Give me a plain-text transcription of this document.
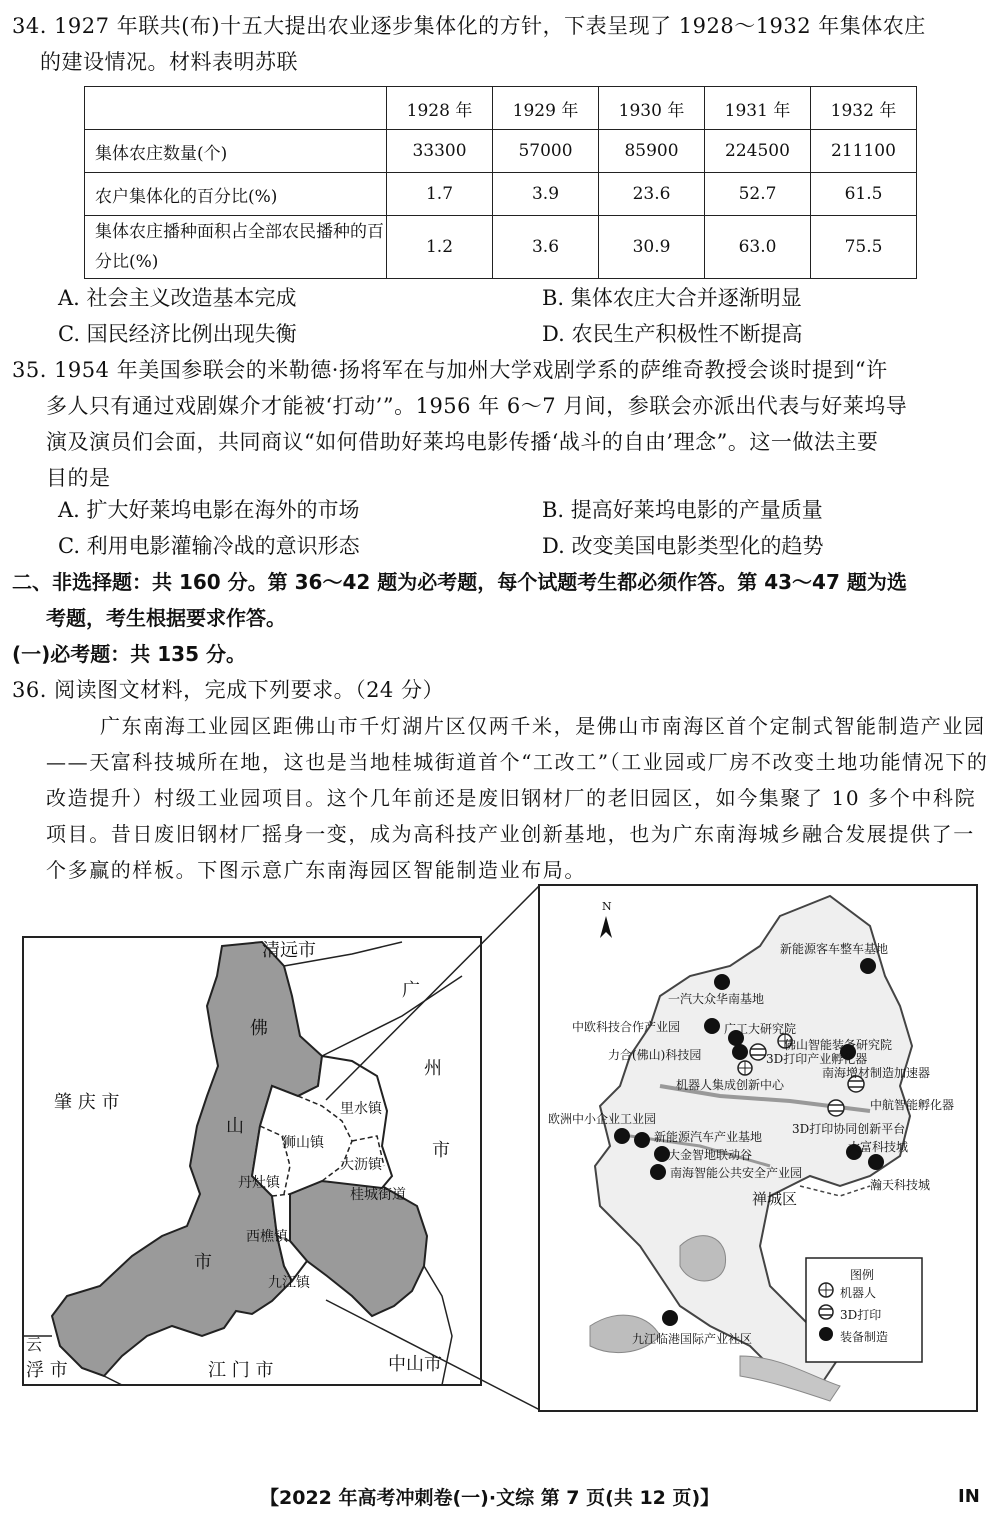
34. 1927 年联共(布)十五大提出农业逐步集体化的方针，下表呈现了 1928～1932 年集体农庄
的建设情况。材料表明苏联
	1928 年	1929 年	1930 年	1931 年	1932 年
集体农庄数量(个)	33300	57000	85900	224500	211100
农户集体化的百分比(%)	1.7	3.9	23.6	52.7	61.5
集体农庄播种面积占全部农民播种的百分比(%)	1.2	3.6	30.9	63.0	75.5
A. 社会主义改造基本完成	B. 集体农庄大合并逐渐明显
C. 国民经济比例出现失衡	D. 农民生产积极性不断提高
35. 1954 年美国参联会的米勒德·扬将军在与加州大学戏剧学系的萨维奇教授会谈时提到“许
多人只有通过戏剧媒介才能被‘打动’”。1956 年 6～7 月间，参联会亦派出代表与好莱坞导
演及演员们会面，共同商议“如何借助好莱坞电影传播‘战斗的自由’理念”。这一做法主要
目的是
A. 扩大好莱坞电影在海外的市场	B. 提高好莱坞电影的产量质量
C. 利用电影灌输冷战的意识形态	D. 改变美国电影类型化的趋势
二、非选择题：共 160 分。第 36～42 题为必考题，每个试题考生都必须作答。第 43～47 题为选
考题，考生根据要求作答。
(一)必考题：共 135 分。
36. 阅读图文材料，完成下列要求。（24 分）
广东南海工业园区距佛山市千灯湖片区仅两千米，是佛山市南海区首个定制式智能制造产业园——天富科技城所在地，这也是当地桂城街道首个“工改工”（工业园或厂房不改变土地功能情况下的改造提升）村级工业园项目。这个几年前还是废旧钢材厂的老旧园区，如今集聚了 10 多个中科院项目。昔日废旧钢材厂摇身一变，成为高科技产业创新基地，也为广东南海城乡融合发展提供了一个多赢的样板。下图示意广东南海园区智能制造业布局。
清远市
广
州
市
肇 庆 市
佛
山
市
里水镇
狮山镇
大沥镇
桂城街道
丹灶镇
西樵镇
九江镇
云
浮 市	江 门 市	中山市
N
新能源客车整车基地
一汽大众华南基地
中欧科技合作产业园	广工大研究院
佛山智能装备研究院
力合(佛山)科技园	3D打印产业孵化器
机器人集成创新中心
南海增材制造加速器
中航智能孵化器
欧洲中小企业工业园
3D打印协同创新平台
新能源汽车产业基地
大富科技城
大金智地联动谷
南海智能公共安全产业园
瀚天科技城
禅城区
九江临港国际产业社区
图例
机器人
3D打印
装备制造
【2022 年高考冲刺卷(一)·文综 第 7 页(共 12 页)】	IN
